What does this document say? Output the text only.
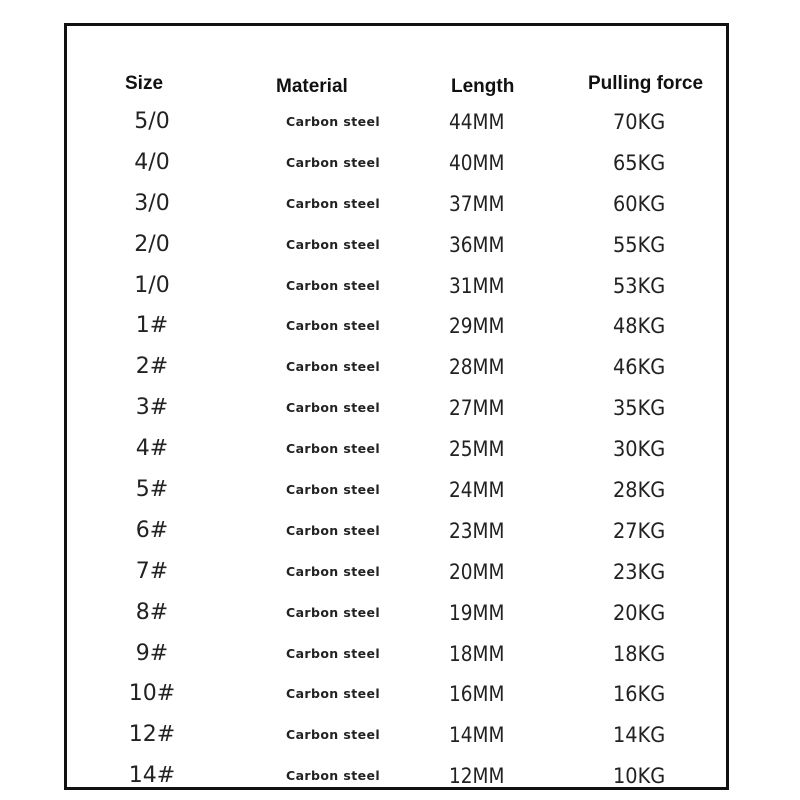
Size	Material	Length	Pulling force
5/0	Carbon steel	44MM	70KG
4/0	Carbon steel	40MM	65KG
3/0	Carbon steel	37MM	60KG
2/0	Carbon steel	36MM	55KG
1/0	Carbon steel	31MM	53KG
1#	Carbon steel	29MM	48KG
2#	Carbon steel	28MM	46KG
3#	Carbon steel	27MM	35KG
4#	Carbon steel	25MM	30KG
5#	Carbon steel	24MM	28KG
6#	Carbon steel	23MM	27KG
7#	Carbon steel	20MM	23KG
8#	Carbon steel	19MM	20KG
9#	Carbon steel	18MM	18KG
10#	Carbon steel	16MM	16KG
12#	Carbon steel	14MM	14KG
14#	Carbon steel	12MM	10KG
